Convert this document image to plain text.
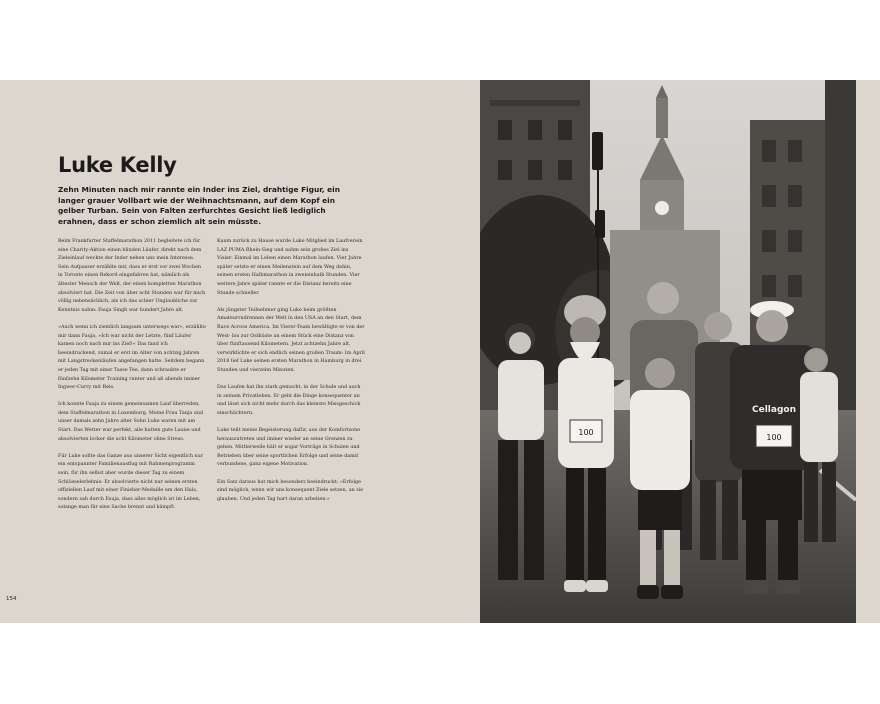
Luke Kelly
Zehn Minuten nach mir rannte ein Inder ins Ziel, drahtige Figur, ein langer grauer Vollbart wie der Weihnachtsmann, auf dem Kopf ein gelber Turban. Sein von Falten zerfurchtes Gesicht ließ lediglich erahnen, dass er schon ziemlich alt sein müsste.

Beim Frankfurter Staffelmarathon 2011 begleitete ich für eine Charity-Aktion einen blinden Läufer, direkt nach dem Zieleinlauf weckte der Inder neben uns mein Interesse. Sein Aufpasser erzählte mir, dass er erst vor zwei Wochen in Toronto einen Rekord eingefahren hat, nämlich als ältester Mensch der Welt, der einen kompletten Marathon absolviert hat. Die Zeit von über acht Stunden war für mich völlig nebensächlich, als ich das schier Unglaubliche zur Kenntnis nahm: Fauja Singh war hundert Jahre alt.

»Auch wenn ich ziemlich langsam unterwegs war«, erzählte mir dann Fauja, »Ich war nicht der Letzte, fünf Läufer kamen noch nach mir ins Ziel!« Das fand ich beeindruckend, zumal er erst im Alter von achtzig Jahren mit Langstreckenläufen angefangen hatte. Seitdem begann er jeden Tag mit einer Tasse Tee, dann schraubte er fünfzehn Kilometer Training runter und aß abends immer Ingwer-Curry mit Reis.

Ich konnte Fauja zu einem gemeinsamen Lauf überreden, dem Staffelmarathon in Luxemburg. Meine Frau Tanja und unser damals zehn Jahre alter Sohn Luke waren mit am Start. Das Wetter war perfekt, alle hatten gute Laune und absolvierten locker die acht Kilometer ohne Stress.

Für Luke sollte das Ganze aus unserer Sicht eigentlich nur ein entspannter Familienausflug mit Rahmenprogramm sein, für ihn selbst aber wurde dieser Tag zu einem Schlüsselerlebnis: Er absolvierte nicht nur seinen ersten offiziellen Lauf mit einer Finisher-Medaille um den Hals, sondern sah durch Fauja, dass alles möglich ist im Leben, solange man für eine Sache brennt und kämpft.

Kaum zurück zu Hause wurde Luke Mitglied im Laufverein LAZ PUMA Rhein-Sieg und nahm sein großes Ziel ins Visier: Einmal im Leben einen Marathon laufen. Vier Jahre später setzte er einen Meilenstein auf dem Weg dahin, seinen ersten Halbmarathon in zweieinhalb Stunden. Vier weitere Jahre später rannte er die Distanz bereits eine Stunde schneller.

Als jüngster Teilnehmer ging Luke beim größten Amateurrudrennen der Welt in den USA an den Start, dem Race Across America. Im Vierer-Team bewältigte er von der West- bis zur Ostküste an einem Stück eine Distanz von über fünftausend Kilometern. Jetzt achtzehn Jahre alt, verwirklichte er sich endlich seinen großen Traum: Im April 2018 lief Luke seinen ersten Marathon in Hamburg in drei Stunden und vierzehn Minuten.

Das Laufen hat ihn stark gemacht, in der Schule und auch in seinem Privatleben. Er geht die Dinge konsequenter an und lässt sich nicht mehr durch das kleinste Missgeschick einschüchtern.

Luke teilt meine Begeisterung dafür, aus der Komfortzone herauszutreten und immer wieder an seine Grenzen zu gehen. Mittlerweile hält er sogar Vorträge in Schulen und Betrieben über seine sportlichen Erfolge und seine damit verbundene, ganz eigene Motivation.

Ein Satz daraus hat mich besonders beeindruckt: »Erfolge sind möglich, wenn wir uns konsequent Ziele setzen, an sie glauben. Und jeden Tag hart daran arbeiten.«

154
100
Cellagon
100
